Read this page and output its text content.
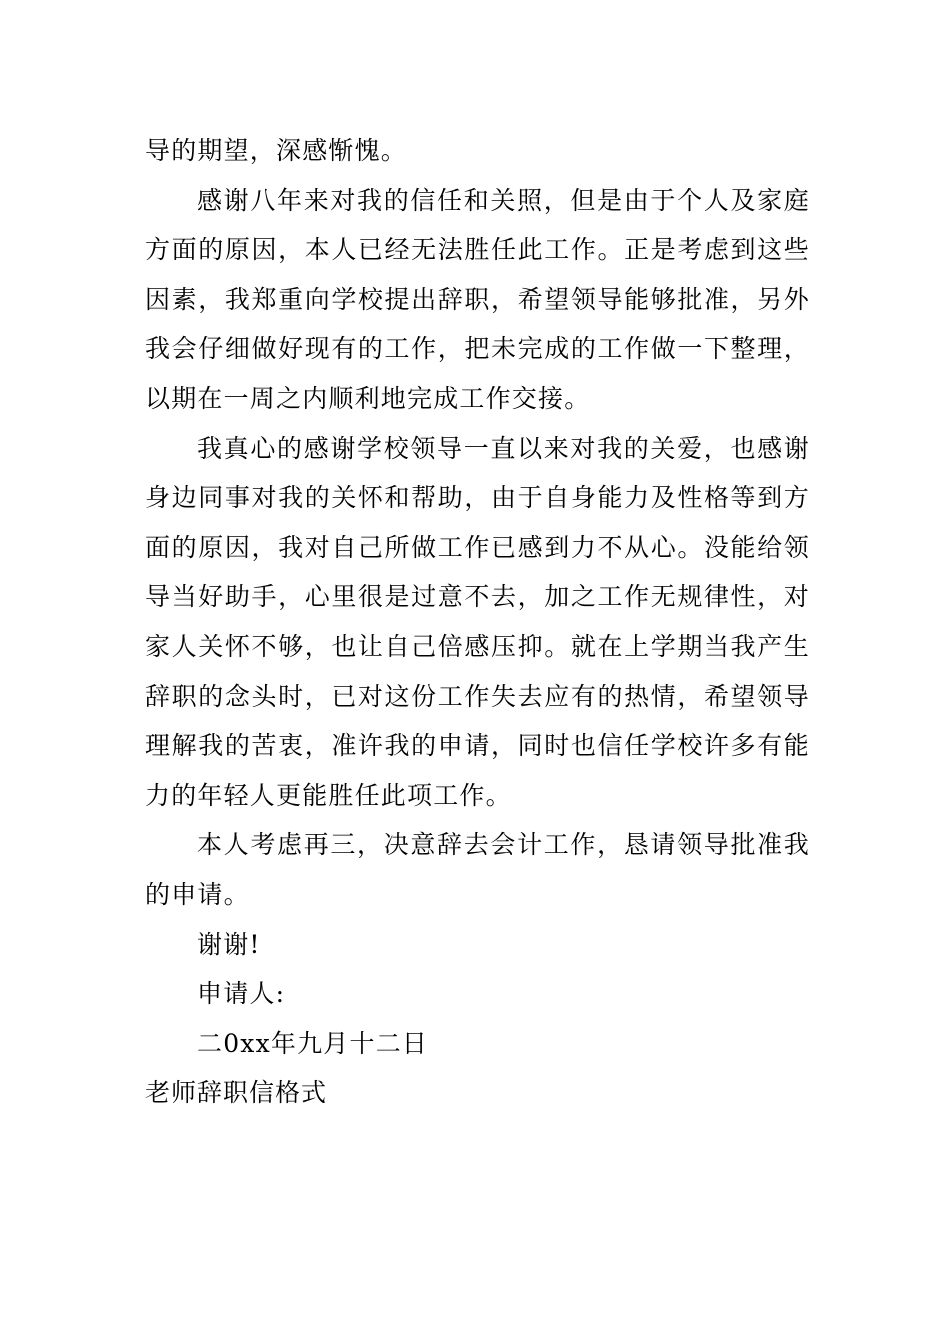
导的期望，深感惭愧。

感谢八年来对我的信任和关照，但是由于个人及家庭方面的原因，本人已经无法胜任此工作。正是考虑到这些因素，我郑重向学校提出辞职，希望领导能够批准，另外我会仔细做好现有的工作，把未完成的工作做一下整理，以期在一周之内顺利地完成工作交接。

我真心的感谢学校领导一直以来对我的关爱，也感谢身边同事对我的关怀和帮助，由于自身能力及性格等到方面的原因，我对自己所做工作已感到力不从心。没能给领导当好助手，心里很是过意不去，加之工作无规律性，对家人关怀不够，也让自己倍感压抑。就在上学期当我产生辞职的念头时，已对这份工作失去应有的热情，希望领导理解我的苦衷，准许我的申请，同时也信任学校许多有能力的年轻人更能胜任此项工作。

本人考虑再三，决意辞去会计工作，恳请领导批准我的申请。

谢谢!

申请人:

二0xx年九月十二日

老师辞职信格式
